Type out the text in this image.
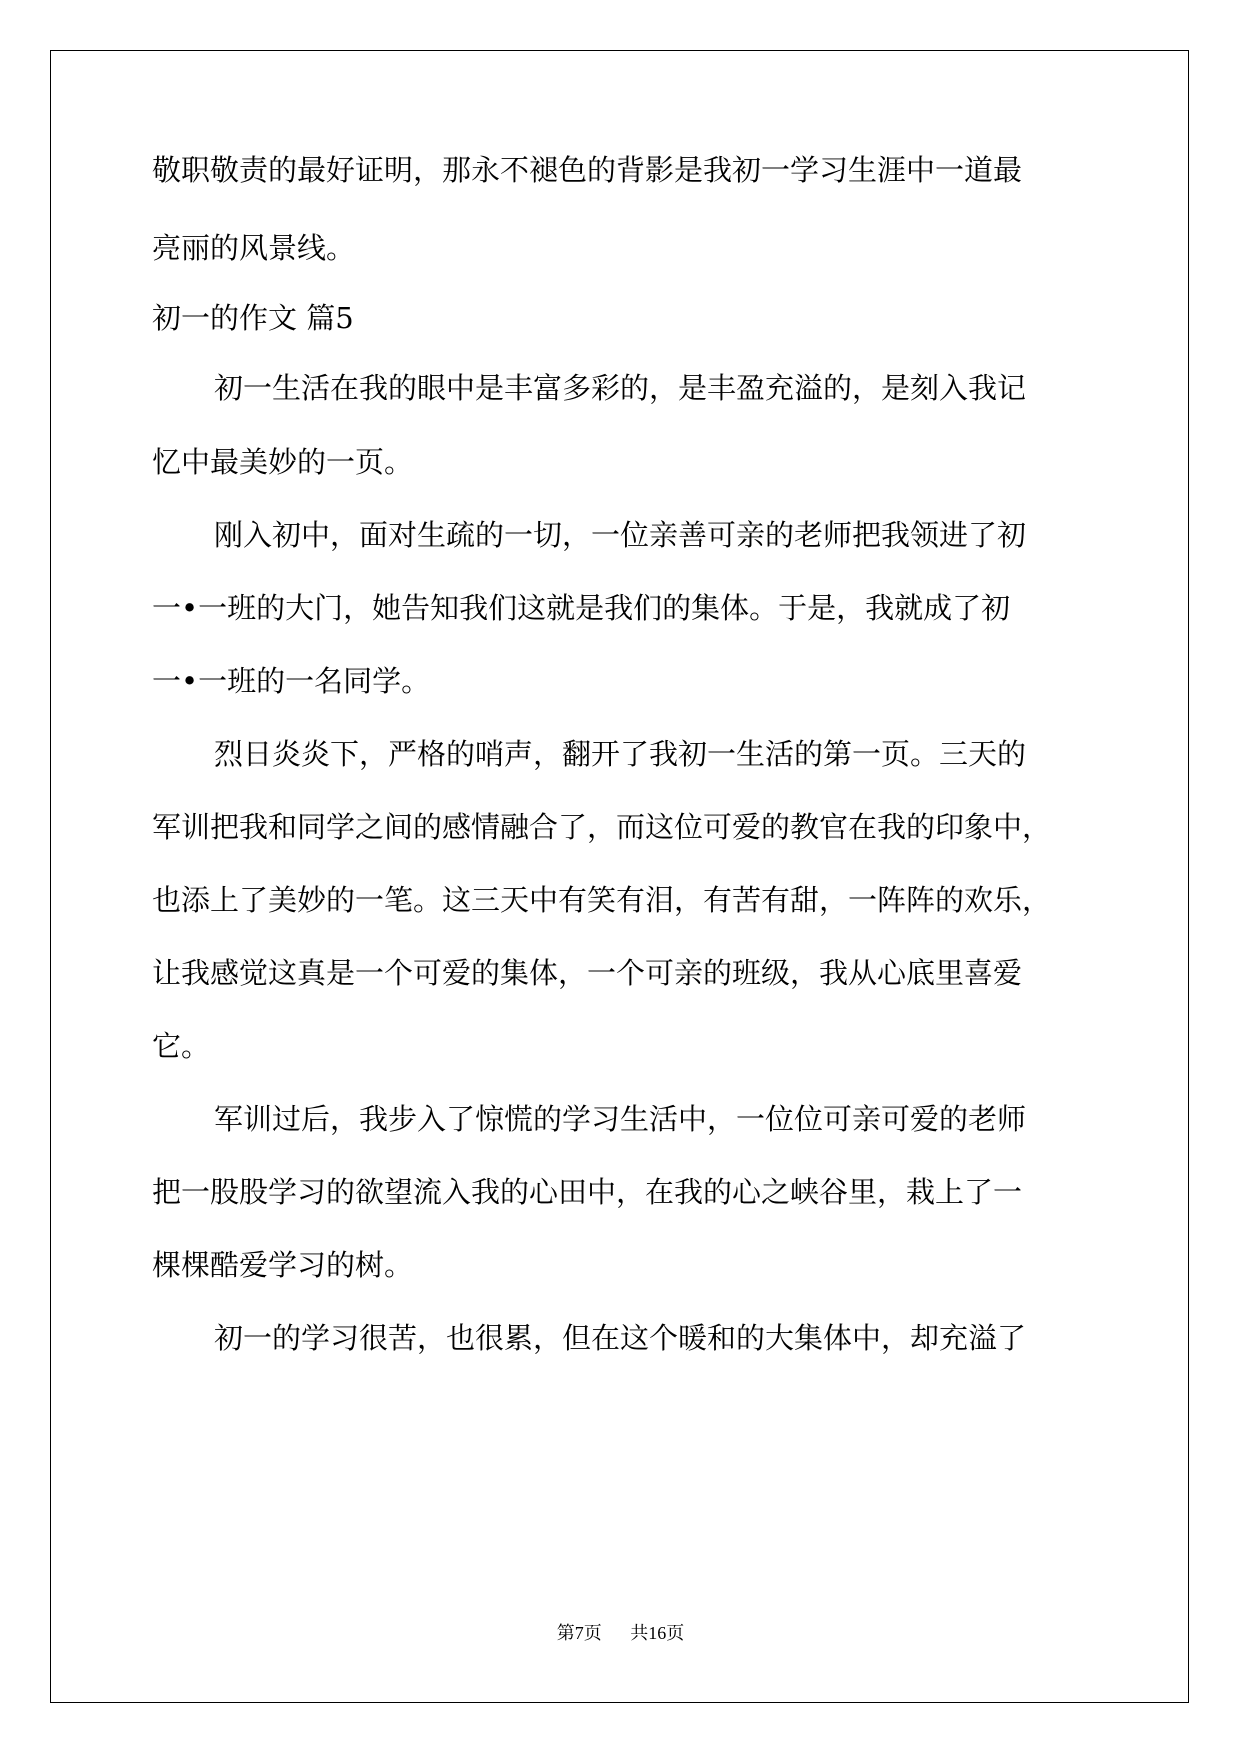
敬职敬责的最好证明，那永不褪色的背影是我初一学习生涯中一道最

亮丽的风景线。

初一的作文 篇5

初一生活在我的眼中是丰富多彩的，是丰盈充溢的，是刻入我记

忆中最美妙的一页。

刚入初中，面对生疏的一切，一位亲善可亲的老师把我领进了初

一•一班的大门，她告知我们这就是我们的集体。于是，我就成了初

一•一班的一名同学。

烈日炎炎下，严格的哨声，翻开了我初一生活的第一页。三天的

军训把我和同学之间的感情融合了，而这位可爱的教官在我的印象中，

也添上了美妙的一笔。这三天中有笑有泪，有苦有甜，一阵阵的欢乐，

让我感觉这真是一个可爱的集体，一个可亲的班级，我从心底里喜爱

它。

军训过后，我步入了惊慌的学习生活中，一位位可亲可爱的老师

把一股股学习的欲望流入我的心田中，在我的心之峡谷里，栽上了一

棵棵酷爱学习的树。

初一的学习很苦，也很累，但在这个暖和的大集体中，却充溢了

第7页 共16页
